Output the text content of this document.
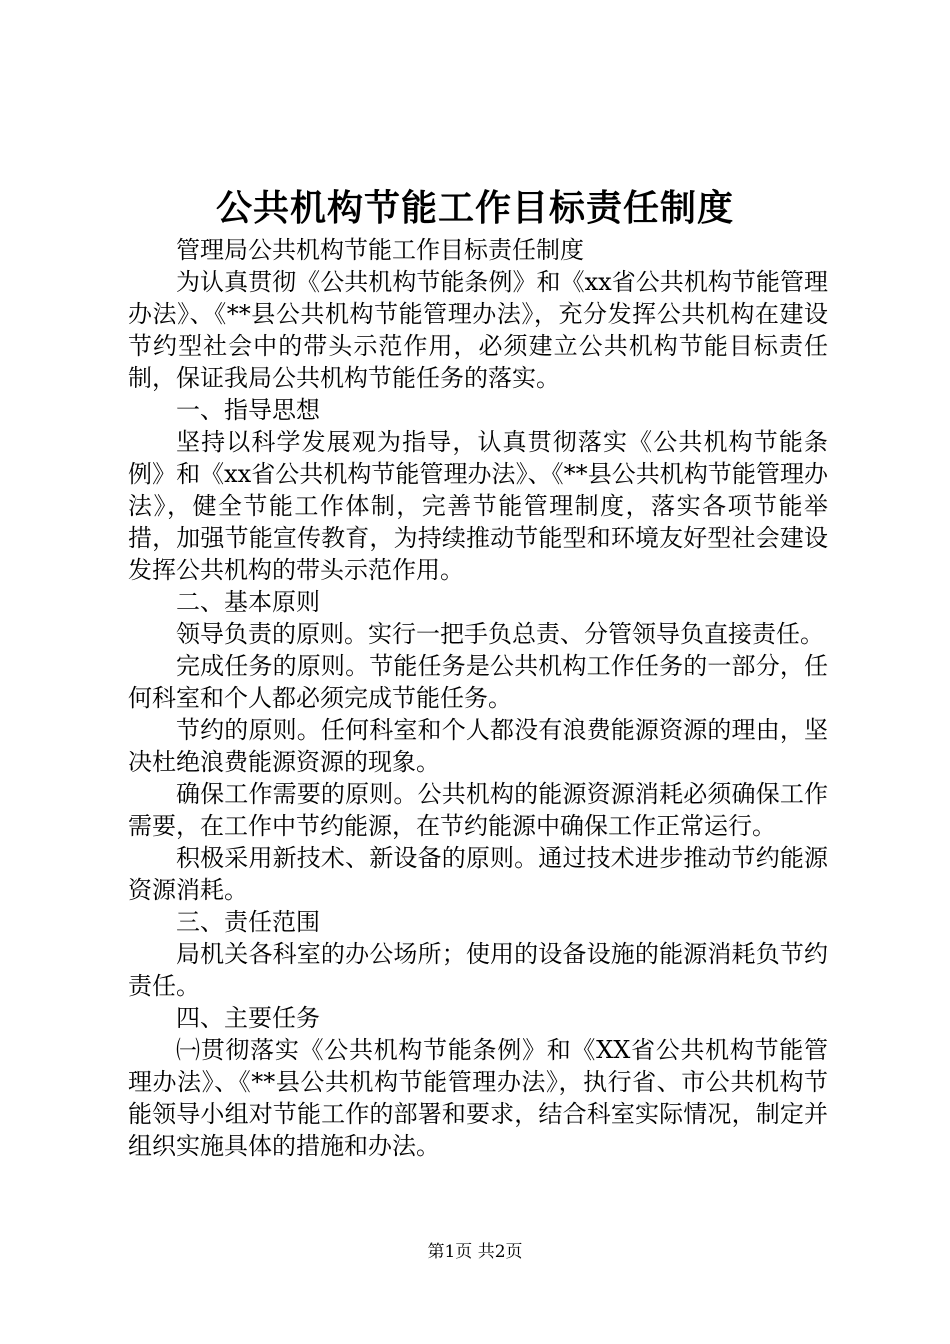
公共机构节能工作目标责任制度

管理局公共机构节能工作目标责任制度

为认真贯彻《公共机构节能条例》和《xx省公共机构节能管理办法》、《**县公共机构节能管理办法》，充分发挥公共机构在建设节约型社会中的带头示范作用，必须建立公共机构节能目标责任制，保证我局公共机构节能任务的落实。

一、指导思想

坚持以科学发展观为指导，认真贯彻落实《公共机构节能条例》和《xx省公共机构节能管理办法》、《**县公共机构节能管理办法》，健全节能工作体制，完善节能管理制度，落实各项节能举措，加强节能宣传教育，为持续推动节能型和环境友好型社会建设发挥公共机构的带头示范作用。

二、基本原则

领导负责的原则。实行一把手负总责、分管领导负直接责任。

完成任务的原则。节能任务是公共机构工作任务的一部分，任何科室和个人都必须完成节能任务。

节约的原则。任何科室和个人都没有浪费能源资源的理由，坚决杜绝浪费能源资源的现象。

确保工作需要的原则。公共机构的能源资源消耗必须确保工作需要，在工作中节约能源，在节约能源中确保工作正常运行。

积极采用新技术、新设备的原则。通过技术进步推动节约能源资源消耗。

三、责任范围

局机关各科室的办公场所；使用的设备设施的能源消耗负节约责任。

四、主要任务

㈠贯彻落实《公共机构节能条例》和《XX省公共机构节能管理办法》、《**县公共机构节能管理办法》，执行省、市公共机构节能领导小组对节能工作的部署和要求，结合科室实际情况，制定并组织实施具体的措施和办法。

第1页 共2页
